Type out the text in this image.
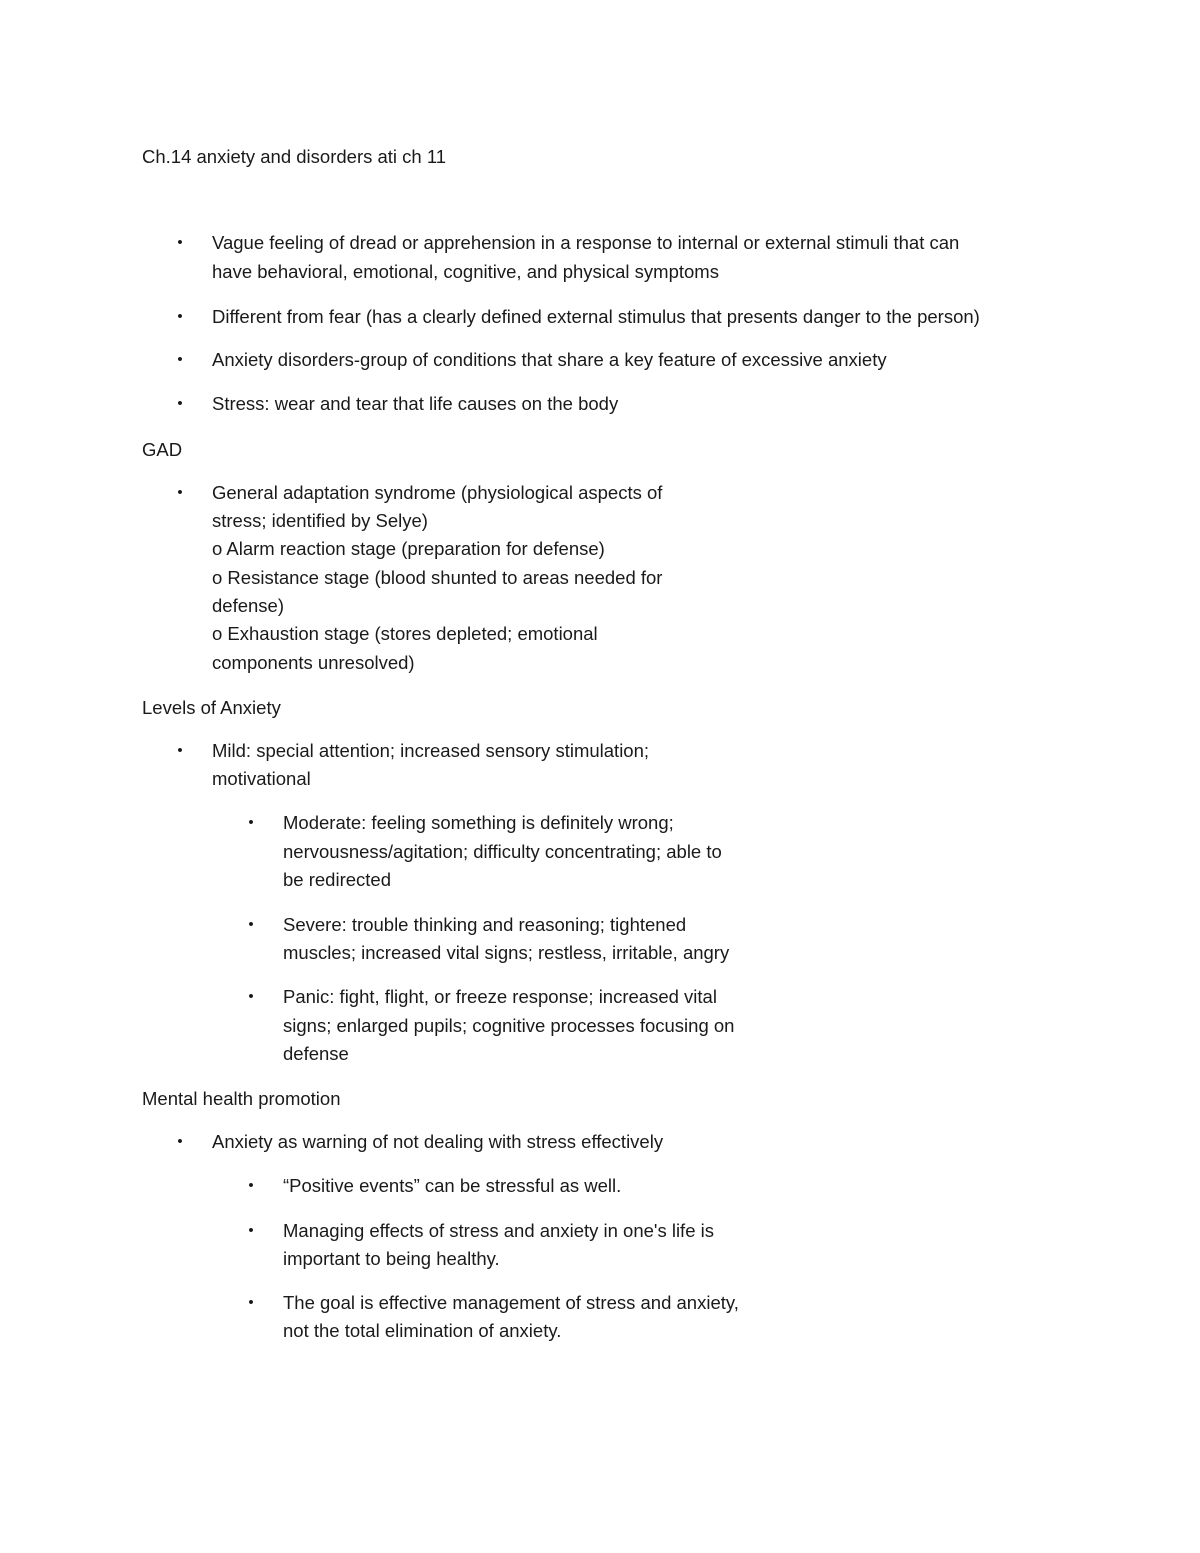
Ch.14 anxiety and disorders ati ch 11
•
Vague feeling of dread or apprehension in a response to internal or external stimuli that can
have behavioral, emotional, cognitive, and physical symptoms
•
Different from fear (has a clearly defined external stimulus that presents danger to the person)
•
Anxiety disorders-group of conditions that share a key feature of excessive anxiety
•
Stress: wear and tear that life causes on the body
GAD
•
General adaptation syndrome (physiological aspects of
stress; identified by Selye)
o Alarm reaction stage (preparation for defense)
o Resistance stage (blood shunted to areas needed for
defense)
o Exhaustion stage (stores depleted; emotional
components unresolved)
Levels of Anxiety
•
Mild: special attention; increased sensory stimulation;
motivational
•
Moderate: feeling something is definitely wrong;
nervousness/agitation; difficulty concentrating; able to
be redirected
•
Severe: trouble thinking and reasoning; tightened
muscles; increased vital signs; restless, irritable, angry
•
Panic: fight, flight, or freeze response; increased vital
signs; enlarged pupils; cognitive processes focusing on
defense
Mental health promotion
•
Anxiety as warning of not dealing with stress effectively
•
“Positive events” can be stressful as well.
•
Managing effects of stress and anxiety in one's life is
important to being healthy.
•
The goal is effective management of stress and anxiety,
not the total elimination of anxiety.
